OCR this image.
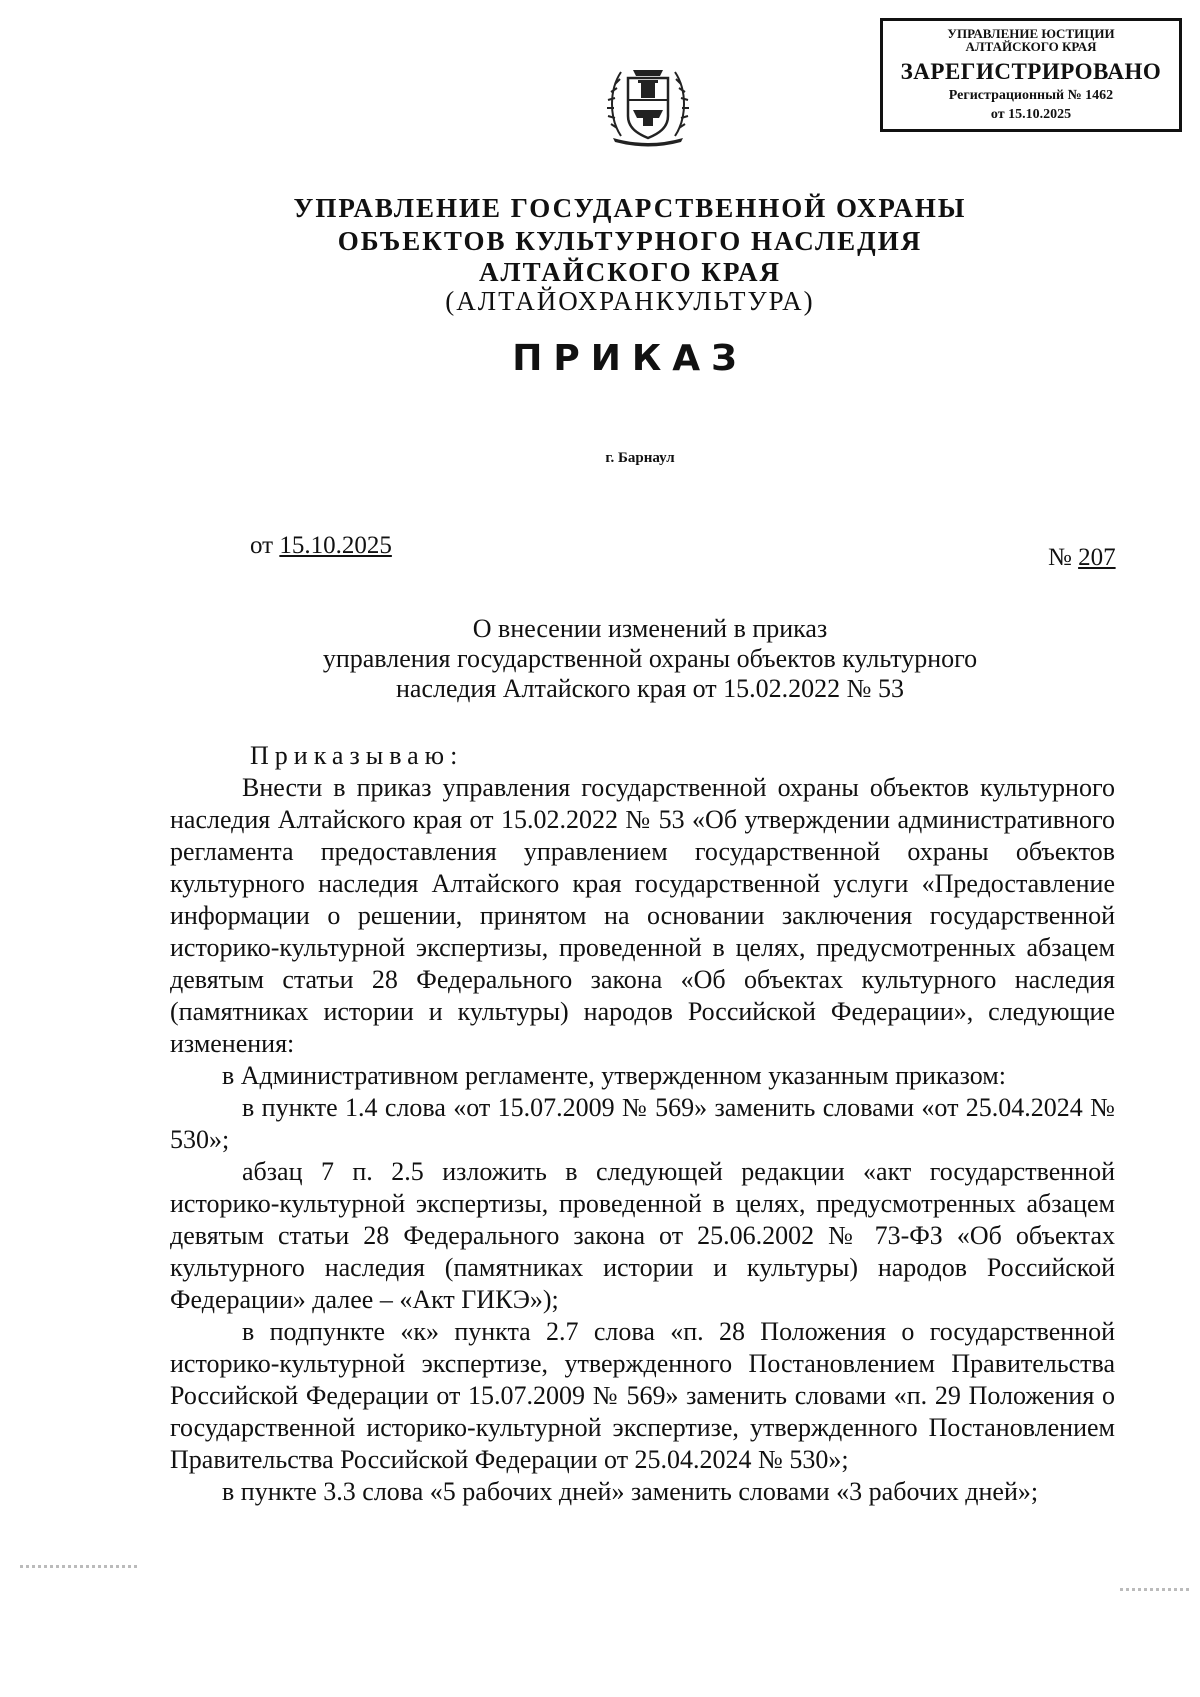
УПРАВЛЕНИЕ ЮСТИЦИИ
АЛТАЙСКОГО КРАЯ
ЗАРЕГИСТРИРОВАНО
Регистрационный № 1462
от 15.10.2025
УПРАВЛЕНИЕ ГОСУДАРСТВЕННОЙ ОХРАНЫ
ОБЪЕКТОВ КУЛЬТУРНОГО НАСЛЕДИЯ
АЛТАЙСКОГО КРАЯ
(АЛТАЙОХРАНКУЛЬТУРА)
ПРИКАЗ
г. Барнаул
от 15.10.2025	№ 207
О внесении изменений в приказ
управления государственной охраны объектов культурного
наследия Алтайского края от 15.02.2022 № 53

Приказываю:

Внести в приказ управления государственной охраны объектов культурного наследия Алтайского края от 15.02.2022 № 53 «Об утверждении административного регламента предоставления управлением государственной охраны объектов культурного наследия Алтайского края государственной услуги «Предоставление информации о решении, принятом на основании заключения государственной историко-культурной экспертизы, проведенной в целях, предусмотренных абзацем девятым статьи 28 Федерального закона «Об объектах культурного наследия (памятниках истории и культуры) народов Российской Федерации», следующие изменения:

в Административном регламенте, утвержденном указанным приказом:

в пункте 1.4 слова «от 15.07.2009 № 569» заменить словами «от 25.04.2024 № 530»;

абзац 7 п. 2.5 изложить в следующей редакции «акт государственной историко-культурной экспертизы, проведенной в целях, предусмотренных абзацем девятым статьи 28 Федерального закона от 25.06.2002 № 73-ФЗ «Об объектах культурного наследия (памятниках истории и культуры) народов Российской Федерации» далее – «Акт ГИКЭ»);

в подпункте «к» пункта 2.7 слова «п. 28 Положения о государственной историко-культурной экспертизе, утвержденного Постановлением Правительства Российской Федерации от 15.07.2009 № 569» заменить словами «п. 29 Положения о государственной историко-культурной экспертизе, утвержденного Постановлением Правительства Российской Федерации от 25.04.2024 № 530»;

в пункте 3.3 слова «5 рабочих дней» заменить словами «3 рабочих дней»;
